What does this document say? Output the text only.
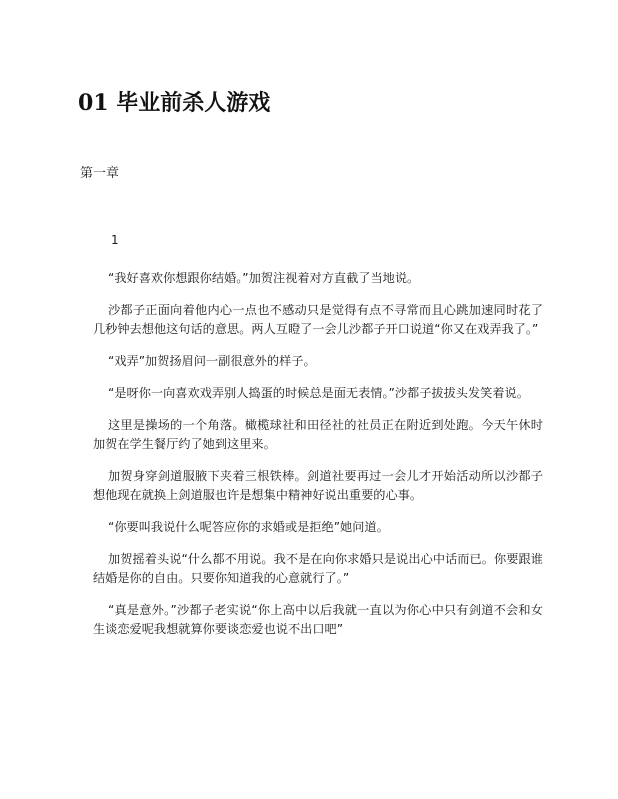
01 毕业前杀人游戏
第一章
1

“我好喜欢你想跟你结婚。”加贺注视着对方直截了当地说。

沙都子正面向着他内心一点也不感动只是觉得有点不寻常而且心跳加速同时花了几秒钟去想他这句话的意思。两人互瞪了一会儿沙都子开口说道“你又在戏弄我了。”

“戏弄”加贺扬眉问一副很意外的样子。

“是呀你一向喜欢戏弄别人捣蛋的时候总是面无表情。”沙都子拔拔头发笑着说。

这里是操场的一个角落。橄榄球社和田径社的社员正在附近到处跑。今天午休时加贺在学生餐厅约了她到这里来。

加贺身穿剑道服腋下夹着三根铁棒。剑道社要再过一会儿才开始活动所以沙都子想他现在就换上剑道服也许是想集中精神好说出重要的心事。

“你要叫我说什么呢答应你的求婚或是拒绝”她问道。

加贺摇着头说“什么都不用说。我不是在向你求婚只是说出心中话而已。你要跟谁结婚是你的自由。只要你知道我的心意就行了。”

“真是意外。”沙都子老实说“你上高中以后我就一直以为你心中只有剑道不会和女生谈恋爱呢我想就算你要谈恋爱也说不出口吧”
